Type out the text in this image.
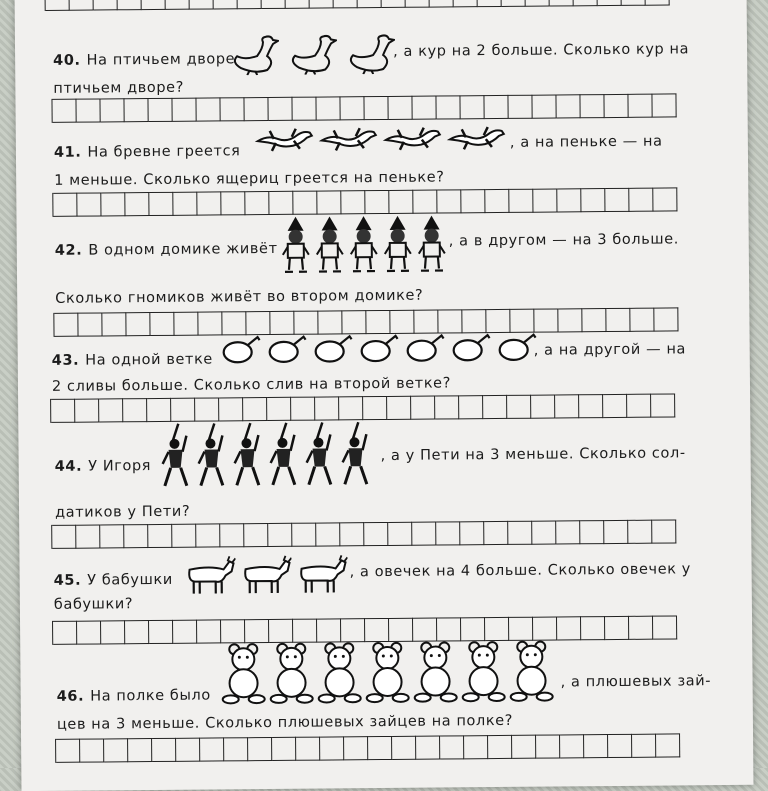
40. На птичьем дворе
, а кур на 2 больше. Сколько кур на
птичьем дворе?
41. На бревне греется
, а на пеньке — на
1 меньше. Сколько ящериц греется на пеньке?
42. В одном домике живёт
, а в другом — на 3 больше.
Сколько гномиков живёт во втором домике?
43. На одной ветке
, а на другой — на
2 сливы больше. Сколько слив на второй ветке?
44. У Игоря
, а у Пети на 3 меньше. Сколько сол-
датиков у Пети?
45. У бабушки	, а овечек на 4 больше. Сколько овечек у
бабушки?
46. На полке было
, а плюшевых зай-
цев на 3 меньше. Сколько плюшевых зайцев на полке?
